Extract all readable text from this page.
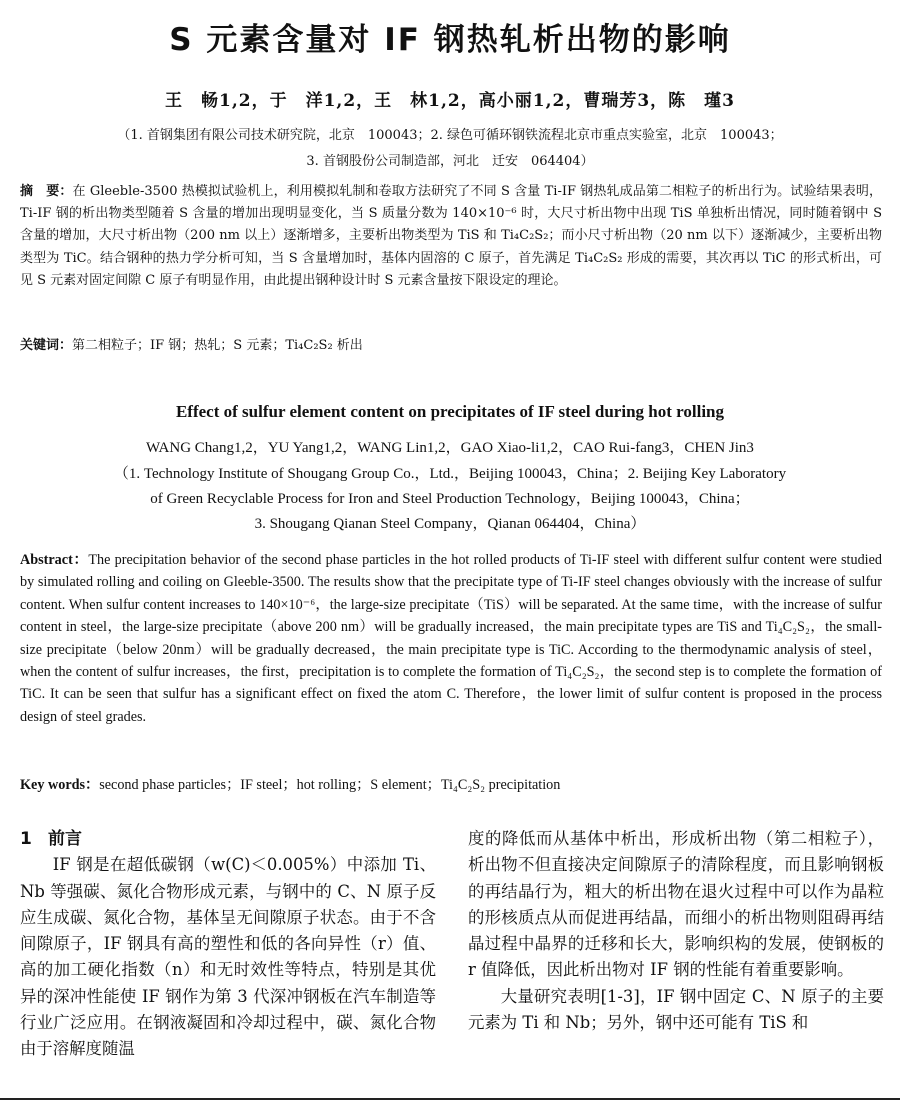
S 元素含量对 IF 钢热轧析出物的影响
王　畅1,2，于　洋1,2，王　林1,2，高小丽1,2，曹瑞芳3，陈　瑾3
（1. 首钢集团有限公司技术研究院，北京　100043；2. 绿色可循环钢铁流程北京市重点实验室，北京　100043；
3. 首钢股份公司制造部，河北　迁安　064404）
摘　要：在 Gleeble-3500 热模拟试验机上，利用模拟轧制和卷取方法研究了不同 S 含量 Ti-IF 钢热轧成品第二相粒子的析出行为。试验结果表明，Ti-IF 钢的析出物类型随着 S 含量的增加出现明显变化，当 S 质量分数为 140×10⁻⁶ 时，大尺寸析出物中出现 TiS 单独析出情况，同时随着钢中 S 含量的增加，大尺寸析出物（200 nm 以上）逐渐增多，主要析出物类型为 TiS 和 Ti₄C₂S₂；而小尺寸析出物（20 nm 以下）逐渐减少，主要析出物类型为 TiC。结合钢种的热力学分析可知，当 S 含量增加时，基体内固溶的 C 原子，首先满足 Ti₄C₂S₂ 形成的需要，其次再以 TiC 的形式析出，可见 S 元素对固定间隙 C 原子有明显作用，由此提出钢种设计时 S 元素含量按下限设定的理论。
关键词：第二相粒子；IF 钢；热轧；S 元素；Ti₄C₂S₂ 析出
Effect of sulfur element content on precipitates of IF steel during hot rolling
WANG Chang1,2，YU Yang1,2，WANG Lin1,2，GAO Xiao-li1,2，CAO Rui-fang3，CHEN Jin3
（1. Technology Institute of Shougang Group Co.，Ltd.，Beijing 100043，China；2. Beijing Key Laboratory
of Green Recyclable Process for Iron and Steel Production Technology，Beijing 100043，China；
3. Shougang Qianan Steel Company，Qianan 064404，China）
Abstract：The precipitation behavior of the second phase particles in the hot rolled products of Ti-IF steel with different sulfur content were studied by simulated rolling and coiling on Gleeble-3500. The results show that the precipitate type of Ti-IF steel changes obviously with the increase of sulfur content. When sulfur content increases to 140×10⁻⁶，the large-size precipitate（TiS）will be separated. At the same time，with the increase of sulfur content in steel，the large-size precipitate（above 200 nm）will be gradually increased，the main precipitate types are TiS and Ti₄C₂S₂，the small-size precipitate（below 20nm）will be gradually decreased，the main precipitate type is TiC. According to the thermodynamic analysis of steel，when the content of sulfur increases，the first，precipitation is to complete the formation of Ti₄C₂S₂，the second step is to complete the formation of TiC. It can be seen that sulfur has a significant effect on fixed the atom C. Therefore，the lower limit of sulfur content is proposed in the process design of steel grades.
Key words：second phase particles；IF steel；hot rolling；S element；Ti₄C₂S₂ precipitation
1 前言

IF 钢是在超低碳钢（w(C)＜0.005%）中添加 Ti、Nb 等强碳、氮化合物形成元素，与钢中的 C、N 原子反应生成碳、氮化合物，基体呈无间隙原子状态。由于不含间隙原子，IF 钢具有高的塑性和低的各向异性（r）值、高的加工硬化指数（n）和无时效性等特点，特别是其优异的深冲性能使 IF 钢作为第 3 代深冲钢板在汽车制造等行业广泛应用。在钢液凝固和冷却过程中，碳、氮化合物由于溶解度随温

度的降低而从基体中析出，形成析出物（第二相粒子），析出物不但直接决定间隙原子的清除程度，而且影响钢板的再结晶行为，粗大的析出物在退火过程中可以作为晶粒的形核质点从而促进再结晶，而细小的析出物则阻碍再结晶过程中晶界的迁移和长大，影响织构的发展，使钢板的 r 值降低，因此析出物对 IF 钢的性能有着重要影响。

大量研究表明[1-3]，IF 钢中固定 C、N 原子的主要元素为 Ti 和 Nb；另外，钢中还可能有 TiS 和
